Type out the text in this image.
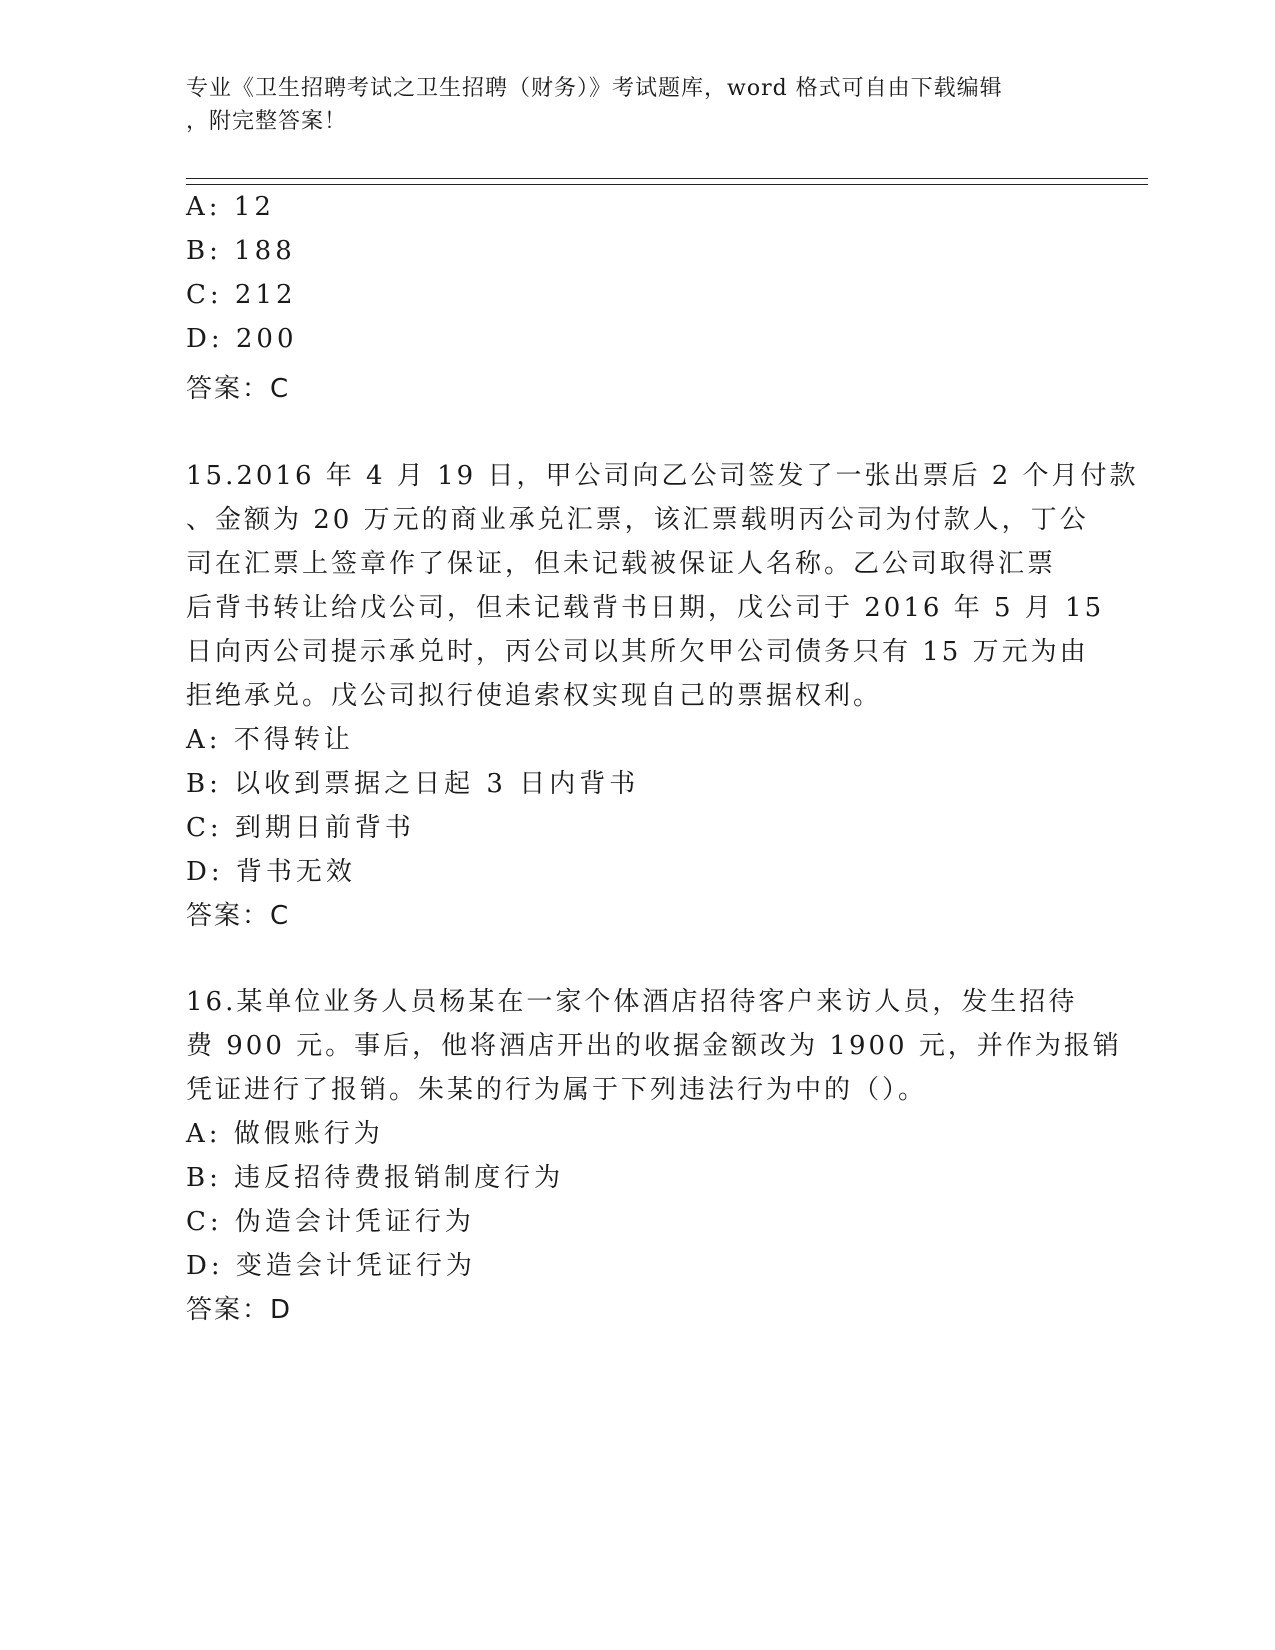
专业《卫生招聘考试之卫生招聘（财务）》考试题库，word 格式可自由下载编辑
，附完整答案！
A: 12
B: 188
C: 212
D: 200
答案：C
15.2016 年 4 月 19 日，甲公司向乙公司签发了一张出票后 2 个月付款
、金额为 20 万元的商业承兑汇票，该汇票载明丙公司为付款人，丁公
司在汇票上签章作了保证，但未记载被保证人名称。乙公司取得汇票
后背书转让给戊公司，但未记载背书日期，戊公司于 2016 年 5 月 15
日向丙公司提示承兑时，丙公司以其所欠甲公司债务只有 15 万元为由
拒绝承兑。戊公司拟行使追索权实现自己的票据权利。
A: 不得转让
B: 以收到票据之日起 3 日内背书
C: 到期日前背书
D: 背书无效
答案：C
16.某单位业务人员杨某在一家个体酒店招待客户来访人员，发生招待
费 900 元。事后，他将酒店开出的收据金额改为 1900 元，并作为报销
凭证进行了报销。朱某的行为属于下列违法行为中的（）。
A: 做假账行为
B: 违反招待费报销制度行为
C: 伪造会计凭证行为
D: 变造会计凭证行为
答案：D
